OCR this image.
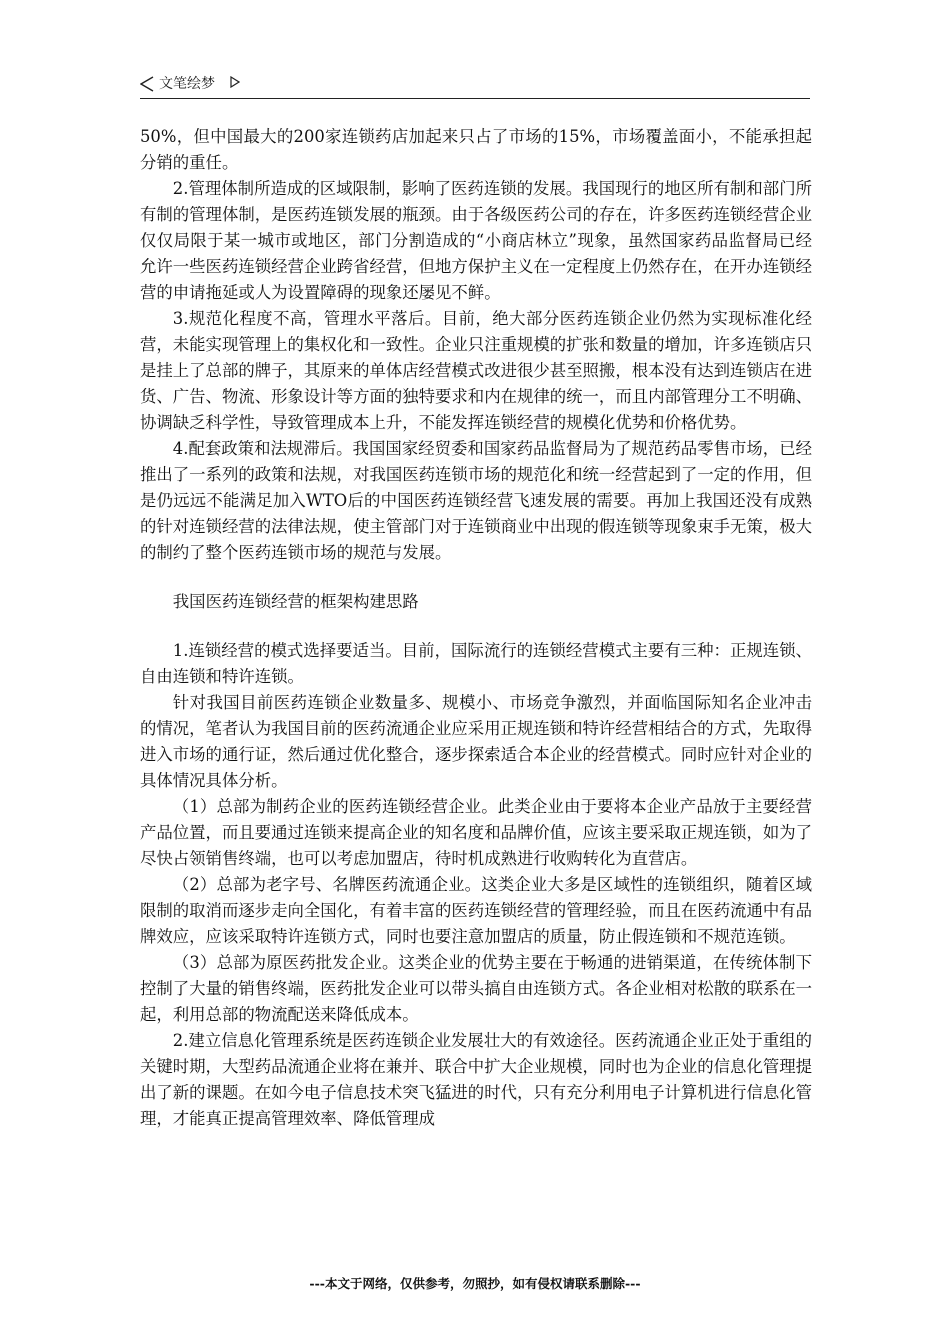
文笔绘梦

50%，但中国最大的200家连锁药店加起来只占了市场的15%，市场覆盖面小，不能承担起分销的重任。

2.管理体制所造成的区域限制，影响了医药连锁的发展。我国现行的地区所有制和部门所有制的管理体制，是医药连锁发展的瓶颈。由于各级医药公司的存在，许多医药连锁经营企业仅仅局限于某一城市或地区，部门分割造成的“小商店林立”现象，虽然国家药品监督局已经允许一些医药连锁经营企业跨省经营，但地方保护主义在一定程度上仍然存在，在开办连锁经营的申请拖延或人为设置障碍的现象还屡见不鲜。

3.规范化程度不高，管理水平落后。目前，绝大部分医药连锁企业仍然为实现标准化经营，未能实现管理上的集权化和一致性。企业只注重规模的扩张和数量的增加，许多连锁店只是挂上了总部的牌子，其原来的单体店经营模式改进很少甚至照搬，根本没有达到连锁店在进货、广告、物流、形象设计等方面的独特要求和内在规律的统一，而且内部管理分工不明确、协调缺乏科学性，导致管理成本上升，不能发挥连锁经营的规模化优势和价格优势。

4.配套政策和法规滞后。我国国家经贸委和国家药品监督局为了规范药品零售市场，已经推出了一系列的政策和法规，对我国医药连锁市场的规范化和统一经营起到了一定的作用，但是仍远远不能满足加入WTO后的中国医药连锁经营飞速发展的需要。再加上我国还没有成熟的针对连锁经营的法律法规，使主管部门对于连锁商业中出现的假连锁等现象束手无策，极大的制约了整个医药连锁市场的规范与发展。

我国医药连锁经营的框架构建思路

1.连锁经营的模式选择要适当。目前，国际流行的连锁经营模式主要有三种：正规连锁、自由连锁和特许连锁。

针对我国目前医药连锁企业数量多、规模小、市场竞争激烈，并面临国际知名企业冲击的情况，笔者认为我国目前的医药流通企业应采用正规连锁和特许经营相结合的方式，先取得进入市场的通行证，然后通过优化整合，逐步探索适合本企业的经营模式。同时应针对企业的具体情况具体分析。

（1）总部为制药企业的医药连锁经营企业。此类企业由于要将本企业产品放于主要经营产品位置，而且要通过连锁来提高企业的知名度和品牌价值，应该主要采取正规连锁，如为了尽快占领销售终端，也可以考虑加盟店，待时机成熟进行收购转化为直营店。

（2）总部为老字号、名牌医药流通企业。这类企业大多是区域性的连锁组织，随着区域限制的取消而逐步走向全国化，有着丰富的医药连锁经营的管理经验，而且在医药流通中有品牌效应，应该采取特许连锁方式，同时也要注意加盟店的质量，防止假连锁和不规范连锁。

（3）总部为原医药批发企业。这类企业的优势主要在于畅通的进销渠道，在传统体制下控制了大量的销售终端，医药批发企业可以带头搞自由连锁方式。各企业相对松散的联系在一起，利用总部的物流配送来降低成本。

2.建立信息化管理系统是医药连锁企业发展壮大的有效途径。医药流通企业正处于重组的关键时期，大型药品流通企业将在兼并、联合中扩大企业规模，同时也为企业的信息化管理提出了新的课题。在如今电子信息技术突飞猛进的时代，只有充分利用电子计算机进行信息化管理，才能真正提高管理效率、降低管理成

---本文于网络，仅供参考，勿照抄，如有侵权请联系删除---
